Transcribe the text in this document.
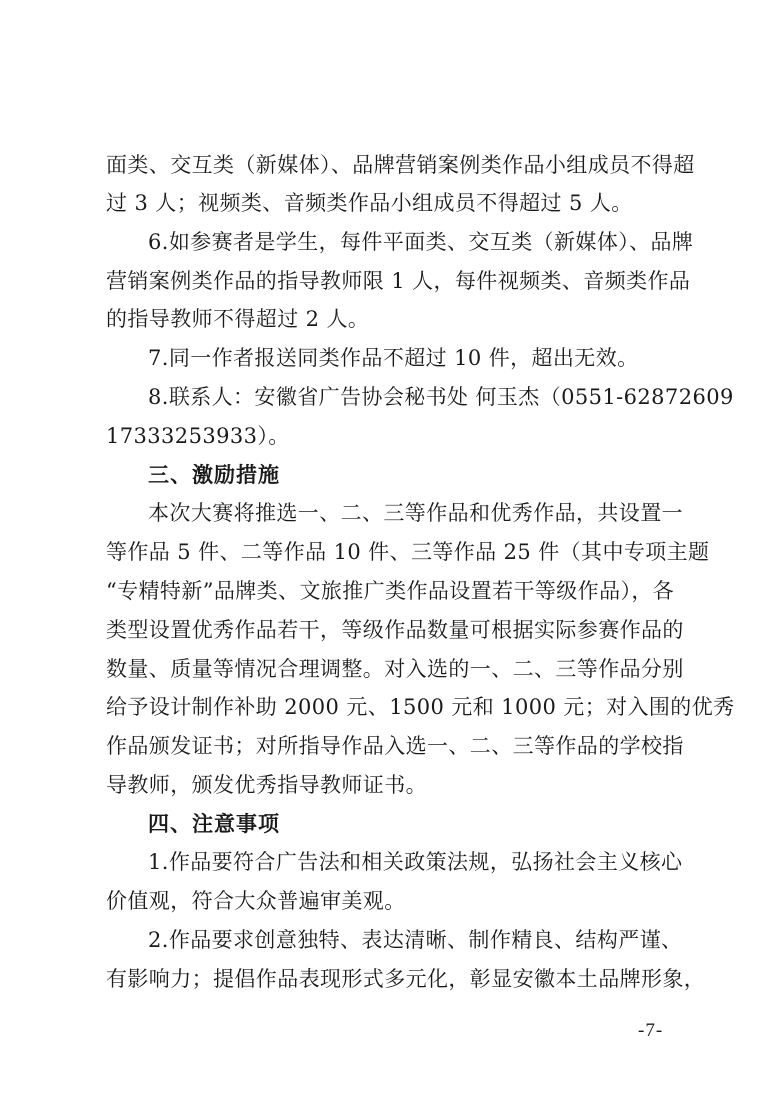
面类、交互类（新媒体）、品牌营销案例类作品小组成员不得超
过 3 人；视频类、音频类作品小组成员不得超过 5 人。
6.如参赛者是学生，每件平面类、交互类（新媒体）、品牌
营销案例类作品的指导教师限 1 人，每件视频类、音频类作品
的指导教师不得超过 2 人。
7.同一作者报送同类作品不超过 10 件，超出无效。
8.联系人：安徽省广告协会秘书处 何玉杰（0551-62872609
17333253933）。
三、激励措施
本次大赛将推选一、二、三等作品和优秀作品，共设置一
等作品 5 件、二等作品 10 件、三等作品 25 件（其中专项主题
“专精特新”品牌类、文旅推广类作品设置若干等级作品），各
类型设置优秀作品若干，等级作品数量可根据实际参赛作品的
数量、质量等情况合理调整。对入选的一、二、三等作品分别
给予设计制作补助 2000 元、1500 元和 1000 元；对入围的优秀
作品颁发证书；对所指导作品入选一、二、三等作品的学校指
导教师，颁发优秀指导教师证书。
四、注意事项
1.作品要符合广告法和相关政策法规，弘扬社会主义核心
价值观，符合大众普遍审美观。
2.作品要求创意独特、表达清晰、制作精良、结构严谨、
有影响力；提倡作品表现形式多元化，彰显安徽本土品牌形象，
-7-
